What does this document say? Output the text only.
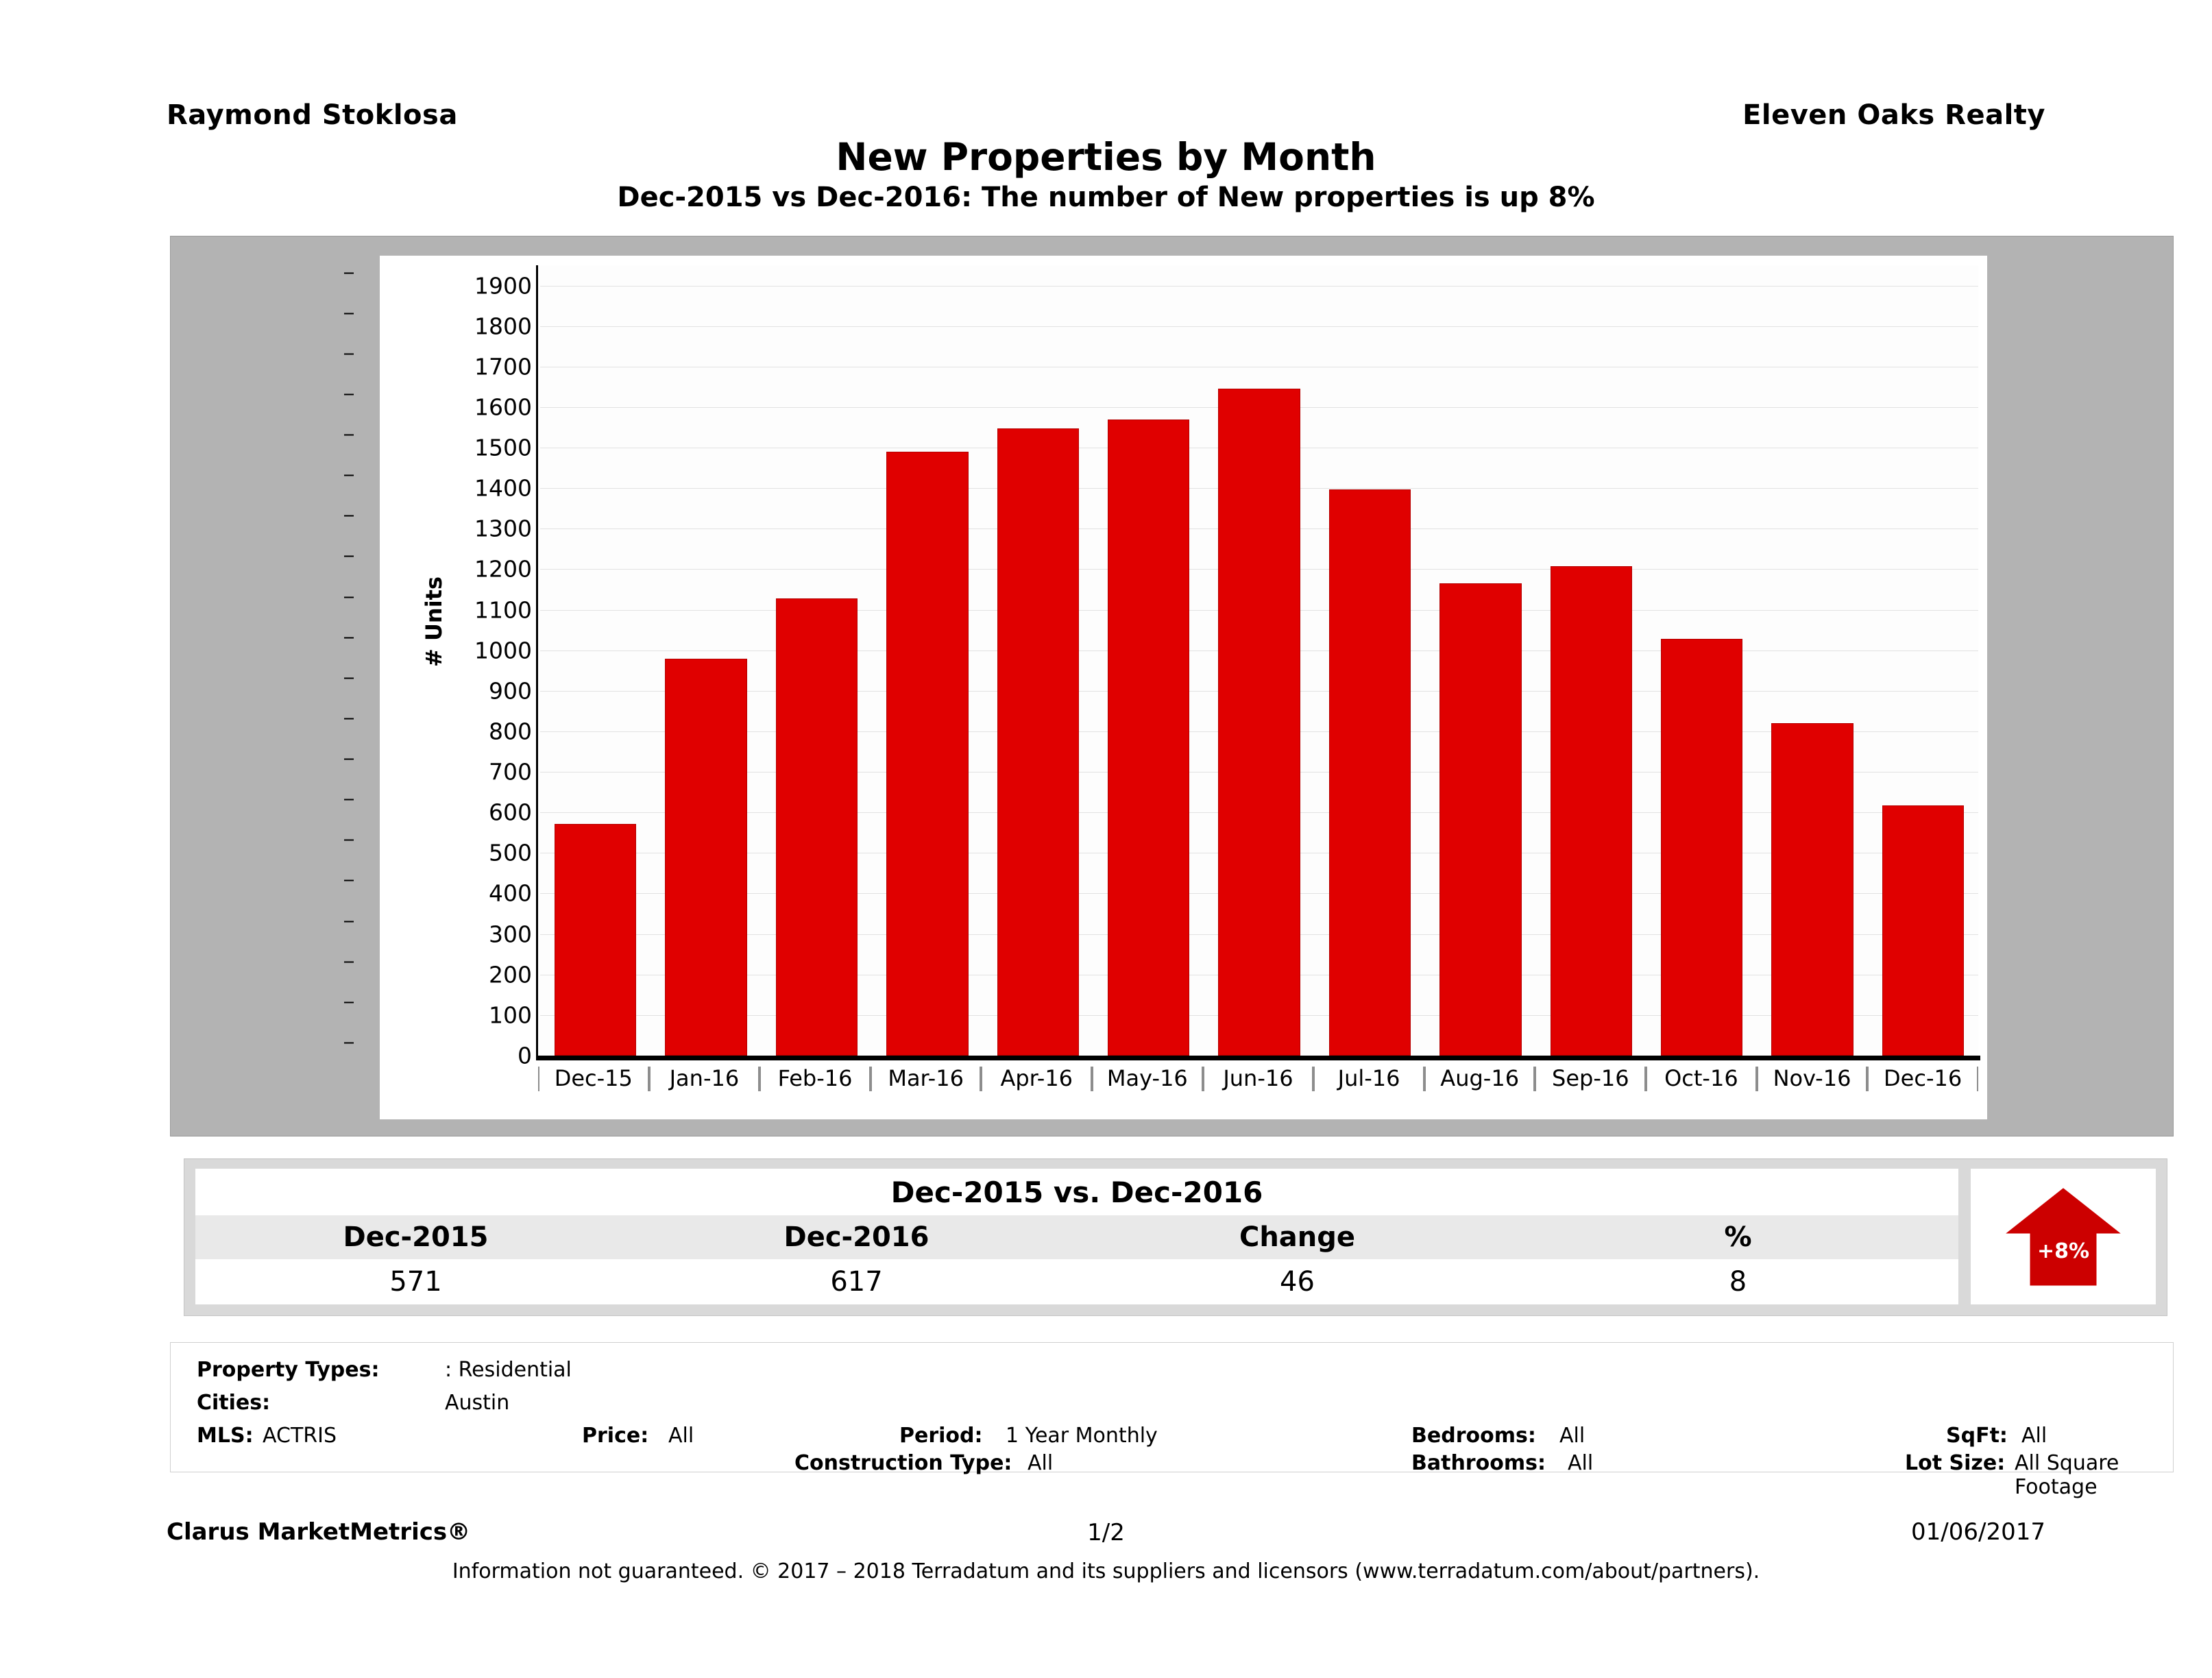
Raymond Stoklosa	Eleven Oaks Realty
New Properties by Month
Dec-2015 vs Dec-2016: The number of New properties is up 8%
# Units
0
100
200
300
400
500
600
700
800
900
1000
1100
1200
1300
1400
1500
1600
1700
1800
1900
Dec-15	Jan-16	Feb-16	Mar-16	Apr-16	May-16	Jun-16	Jul-16	Aug-16	Sep-16	Oct-16	Nov-16	Dec-16
Dec-2015 vs. Dec-2016
Dec-2015	Dec-2016	Change	%
571	617	46	8
+8%
Property Types:	: Residential
Cities:	Austin
MLS: ACTRIS	Price: All	Period: 1 Year Monthly	Bedrooms: All	SqFt: All
Construction Type: All	Bathrooms: All	Lot Size: All Square Footage
Clarus MarketMetrics®	1/2	01/06/2017
Information not guaranteed. © 2017 – 2018 Terradatum and its suppliers and licensors (www.terradatum.com/about/partners).
